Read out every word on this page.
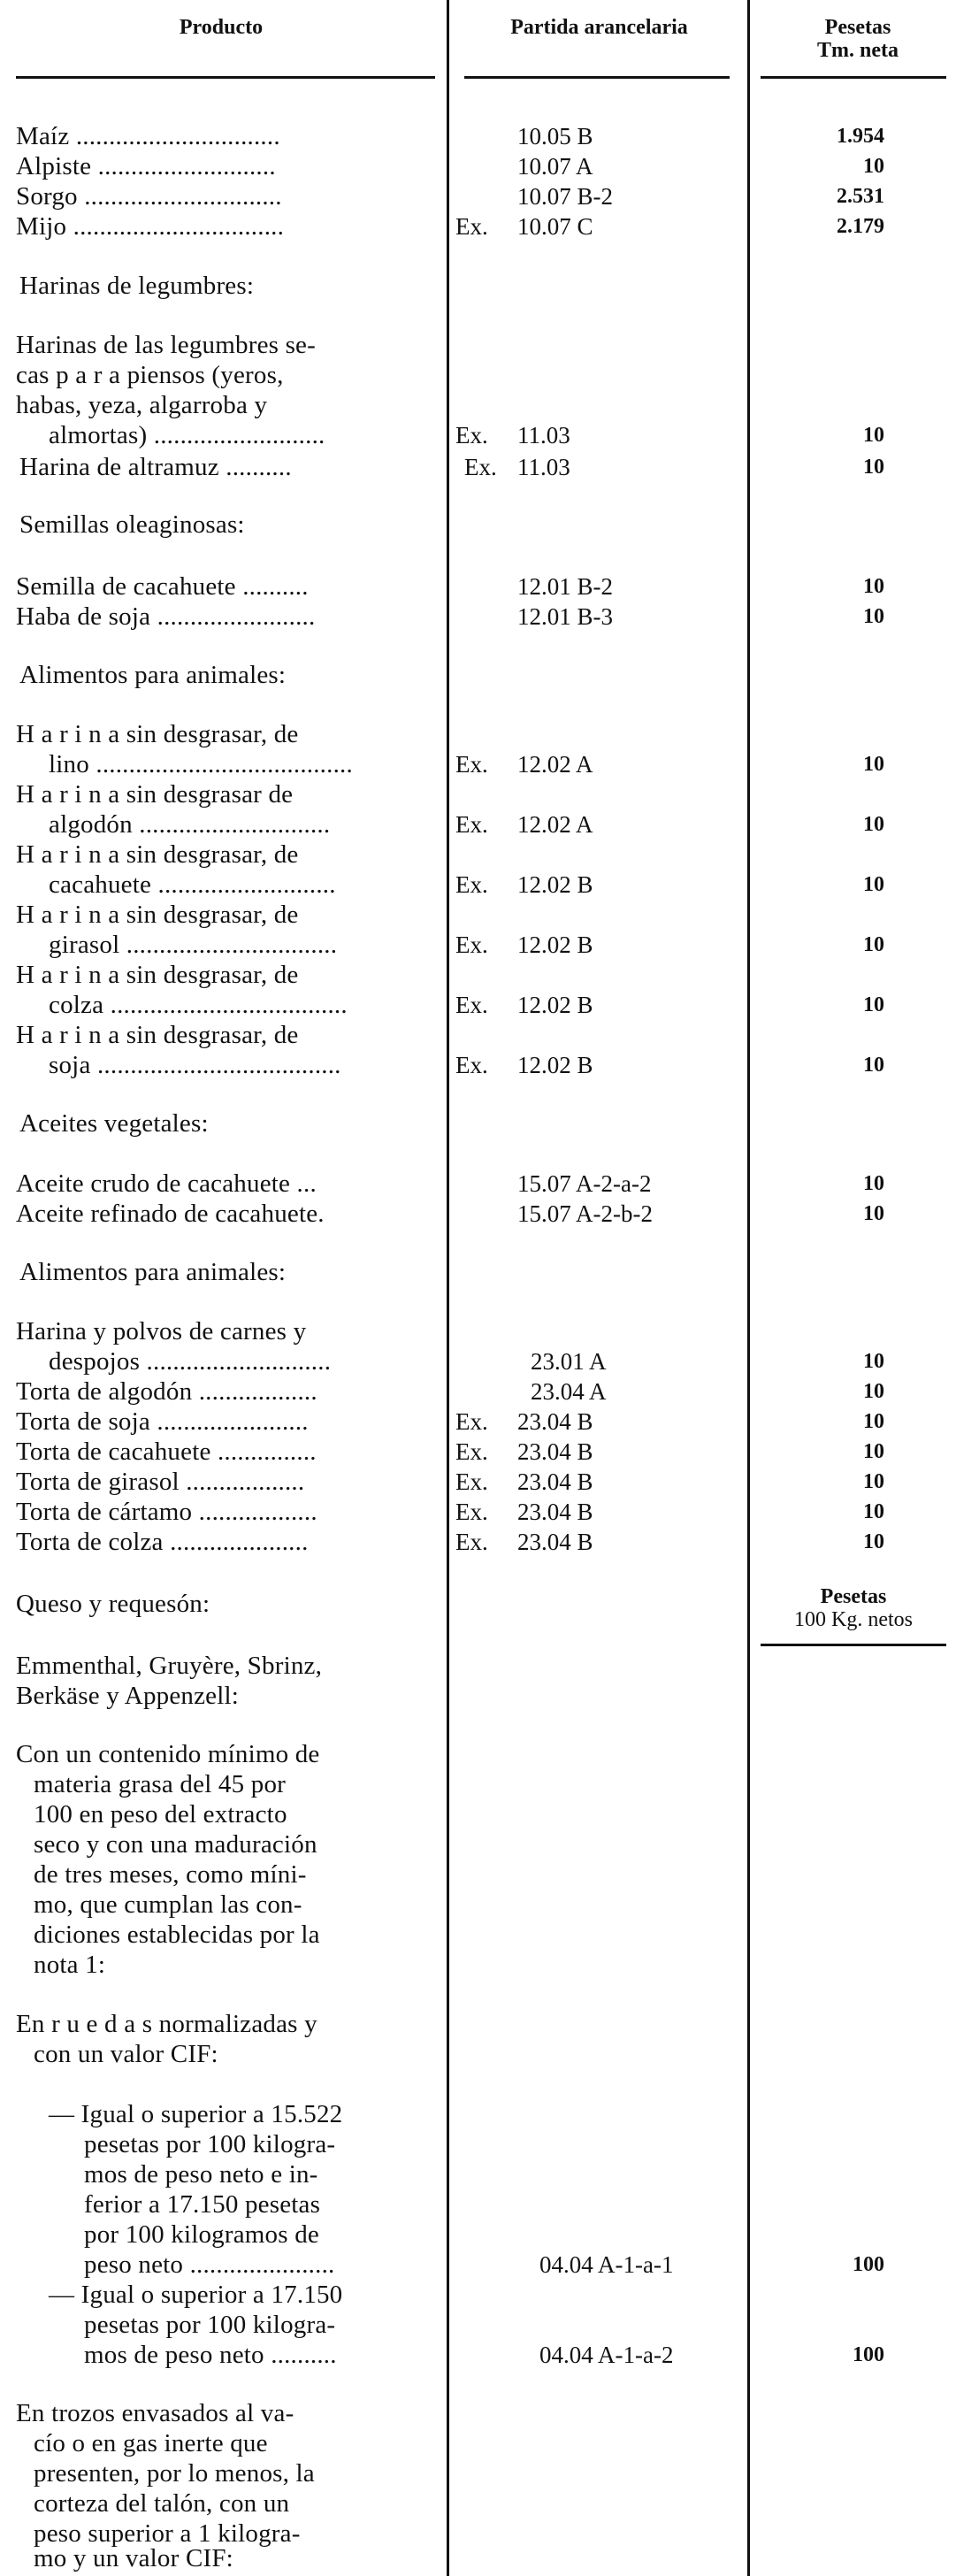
Producto	Partida arancelaria	Pesetas
Tm. neta
Maíz ...............................	10.05 B	1.954
Alpiste ...........................	10.07 A	10
Sorgo ..............................	10.07 B-2	2.531
Mijo ................................	Ex. 10.07 C	2.179
Harinas de legumbres:
Harinas de las legumbres se-
cas p a r a piensos (yeros,
habas, yeza, algarroba y
almortas) ..........................	Ex. 11.03	10
Harina de altramuz ..........	Ex. 11.03	10
Semillas oleaginosas:
Semilla de cacahuete ..........	12.01 B-2	10
Haba de soja ........................	12.01 B-3	10
Alimentos para animales:
H a r i n a sin desgrasar, de
lino .......................................	Ex. 12.02 A	10
H a r i n a sin desgrasar de
algodón .............................	Ex. 12.02 A	10
H a r i n a sin desgrasar, de
cacahuete ...........................	Ex. 12.02 B	10
H a r i n a sin desgrasar, de
girasol ................................	Ex. 12.02 B	10
H a r i n a sin desgrasar, de
colza ....................................	Ex. 12.02 B	10
H a r i n a sin desgrasar, de
soja .....................................	Ex. 12.02 B	10
Aceites vegetales:
Aceite crudo de cacahuete ...	15.07 A-2-a-2	10
Aceite refinado de cacahuete.	15.07 A-2-b-2	10
Alimentos para animales:
Harina y polvos de carnes y
despojos ............................	23.01 A	10
Torta de algodón ..................	23.04 A	10
Torta de soja .......................	Ex. 23.04 B	10
Torta de cacahuete ...............	Ex. 23.04 B	10
Torta de girasol ..................	Ex. 23.04 B	10
Torta de cártamo ..................	Ex. 23.04 B	10
Torta de colza .....................	Ex. 23.04 B	10
Queso y requesón:	Pesetas
100 Kg. netos
Emmenthal, Gruyère, Sbrinz,
Berkäse y Appenzell:
Con un contenido mínimo de
materia grasa del 45 por
100 en peso del extracto
seco y con una maduración
de tres meses, como míni-
mo, que cumplan las con-
diciones establecidas por la
nota 1:
En r u e d a s normalizadas y
con un valor CIF:
— Igual o superior a 15.522
pesetas por 100 kilogra-
mos de peso neto e in-
ferior a 17.150 pesetas
por 100 kilogramos de
peso neto ......................	04.04 A-1-a-1	100
— Igual o superior a 17.150
pesetas por 100 kilogra-
mos de peso neto ..........	04.04 A-1-a-2	100
En trozos envasados al va-
cío o en gas inerte que
presenten, por lo menos, la
corteza del talón, con un
peso superior a 1 kilogra-
mo y un valor CIF:
